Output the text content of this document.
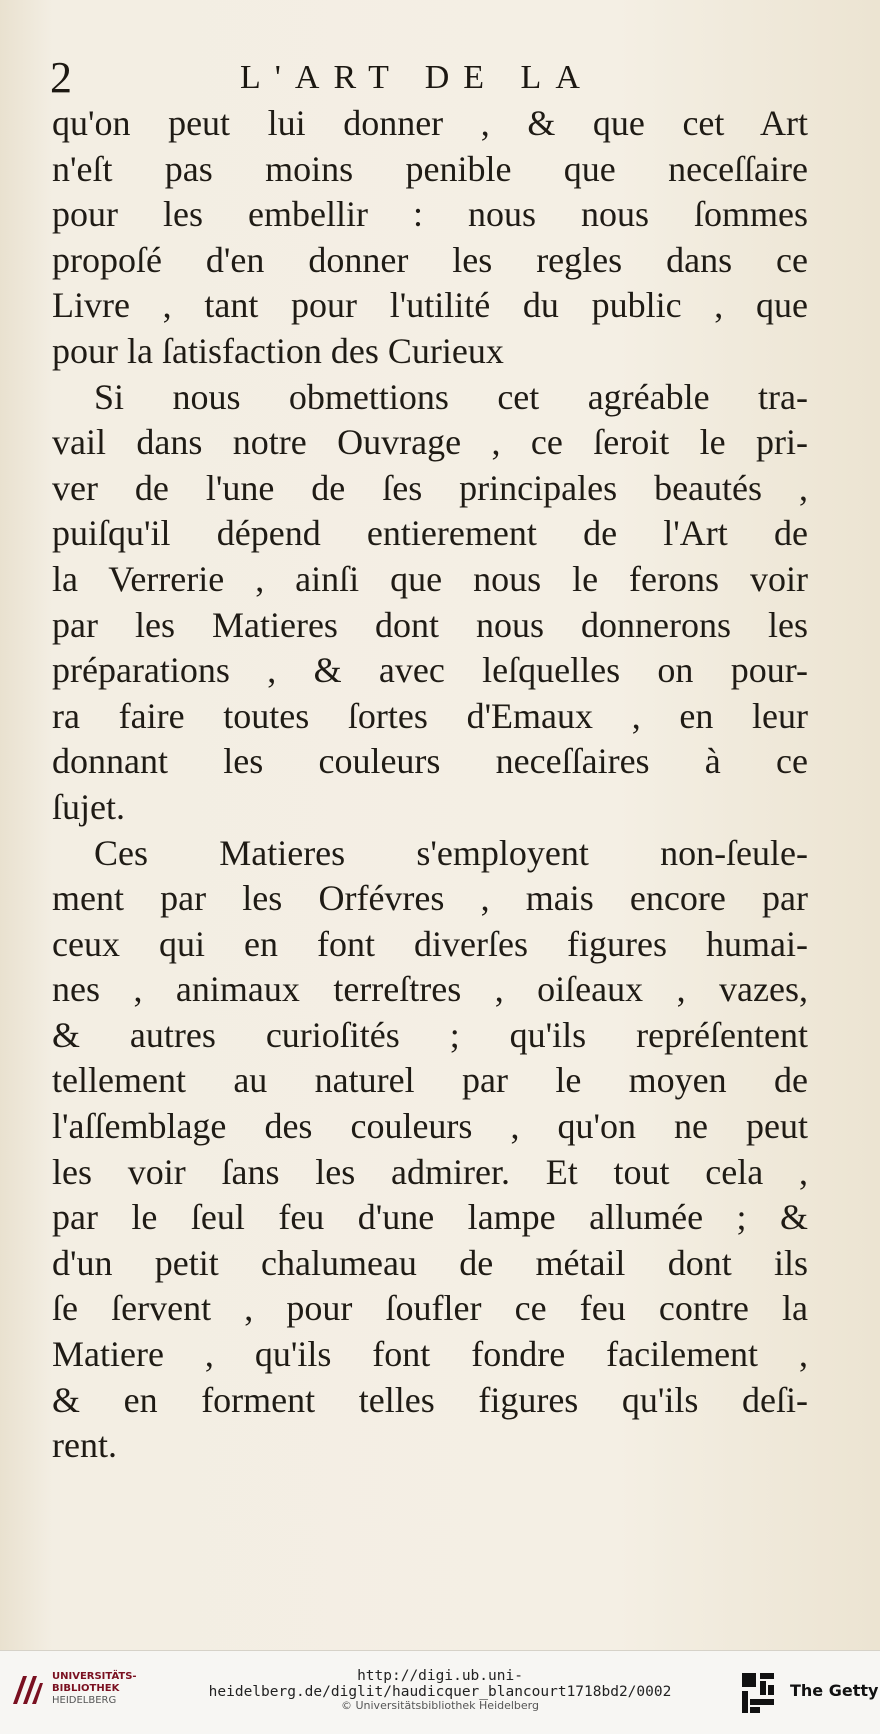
2	L'ART DE LA
qu'on peut lui donner , & que cet Art
n'eſt pas moins penible que neceſſaire
pour les embellir : nous nous ſommes
propoſé d'en donner les regles dans ce
Livre , tant pour l'utilité du public , que
pour la ſatisfaction des Curieux
Si nous obmettions cet agréable tra-
vail dans notre Ouvrage , ce ſeroit le pri-
ver de l'une de ſes principales beautés ,
puiſqu'il dépend entierement de l'Art de
la Verrerie , ainſi que nous le ferons voir
par les Matieres dont nous donnerons les
préparations , & avec leſquelles on pour-
ra faire toutes ſortes d'Emaux , en leur
donnant les couleurs neceſſaires à ce
ſujet.
Ces Matieres s'employent non-ſeule-
ment par les Orfévres , mais encore par
ceux qui en font diverſes figures humai-
nes , animaux terreſtres , oiſeaux , vazes,
& autres curioſités ; qu'ils repréſentent
tellement au naturel par le moyen de
l'aſſemblage des couleurs , qu'on ne peut
les voir ſans les admirer. Et tout cela ,
par le ſeul feu d'une lampe allumée ; &
d'un petit chalumeau de métail dont ils
ſe ſervent , pour ſoufler ce feu contre la
Matiere , qu'ils font fondre facilement ,
& en forment telles figures qu'ils deſi-
rent.
UNIVERSITÄTS-
BIBLIOTHEK
HEIDELBERG
http://digi.ub.uni-heidelberg.de/diglit/haudicquer_blancourt1718bd2/0002
© Universitätsbibliothek Heidelberg
The Getty
